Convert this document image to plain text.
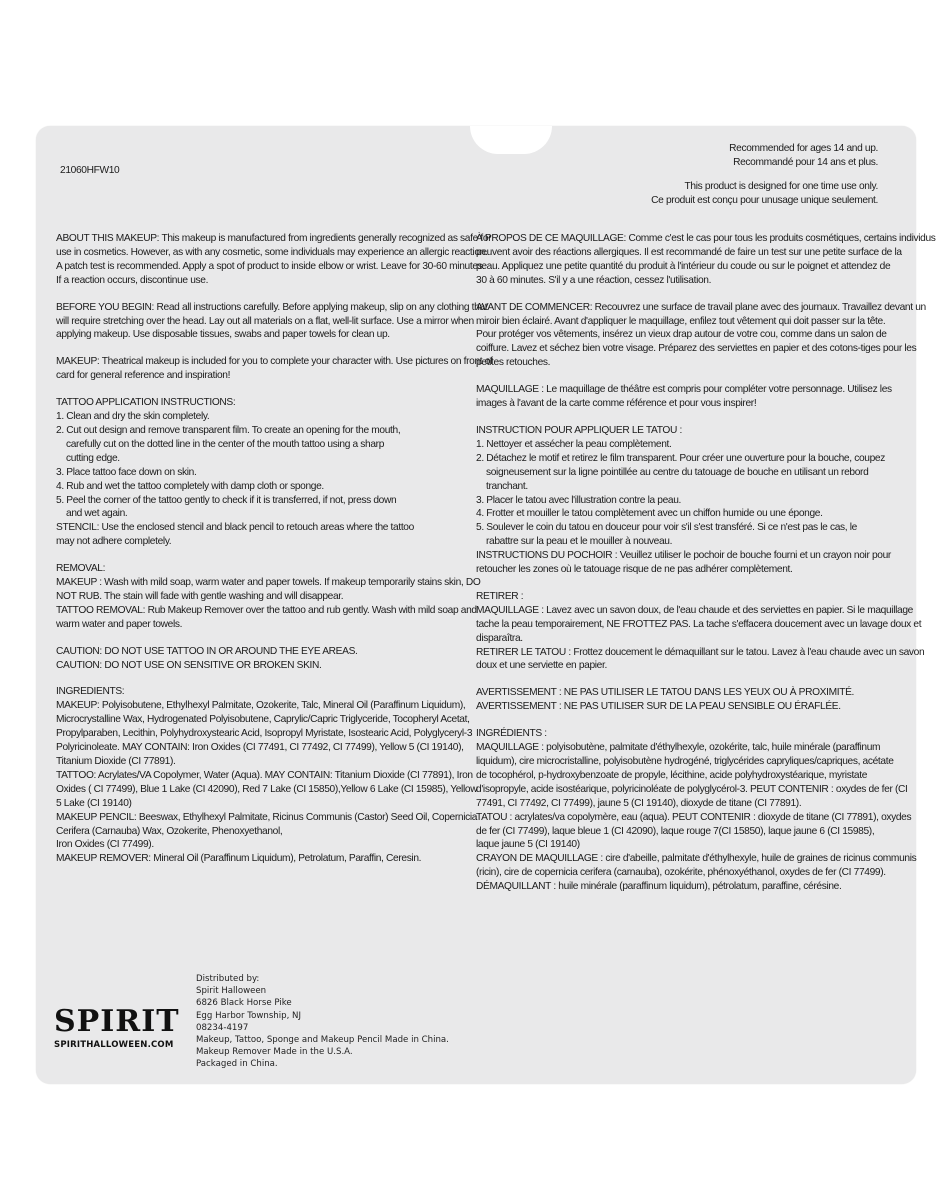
21060HFW10
Recommended for ages 14 and up.
Recommandé pour 14 ans et plus.
This product is designed for one time use only.
Ce produit est conçu pour unusage unique seulement.
ABOUT THIS MAKEUP: This makeup is manufactured from ingredients generally recognized as safe for
use in cosmetics. However, as with any cosmetic, some individuals may experience an allergic reaction.
A patch test is recommended. Apply a spot of product to inside elbow or wrist. Leave for 30-60 minutes.
If a reaction occurs, discontinue use.
BEFORE YOU BEGIN: Read all instructions carefully. Before applying makeup, slip on any clothing that
will require stretching over the head. Lay out all materials on a flat, well-lit surface. Use a mirror when
applying makeup. Use disposable tissues, swabs and paper towels for clean up.
MAKEUP: Theatrical makeup is included for you to complete your character with. Use pictures on front of
card for general reference and inspiration!
TATTOO APPLICATION INSTRUCTIONS:
1. Clean and dry the skin completely.
2. Cut out design and remove transparent film. To create an opening for the mouth,
carefully cut on the dotted line in the center of the mouth tattoo using a sharp
cutting edge.
3. Place tattoo face down on skin.
4. Rub and wet the tattoo completely with damp cloth or sponge.
5. Peel the corner of the tattoo gently to check if it is transferred, if not, press down
and wet again.
STENCIL: Use the enclosed stencil and black pencil to retouch areas where the tattoo
may not adhere completely.
REMOVAL:
MAKEUP : Wash with mild soap, warm water and paper towels. If makeup temporarily stains skin, DO
NOT RUB. The stain will fade with gentle washing and will disappear.
TATTOO REMOVAL: Rub Makeup Remover over the tattoo and rub gently. Wash with mild soap and
warm water and paper towels.
CAUTION: DO NOT USE TATTOO IN OR AROUND THE EYE AREAS.
CAUTION: DO NOT USE ON SENSITIVE OR BROKEN SKIN.
INGREDIENTS:
MAKEUP: Polyisobutene, Ethylhexyl Palmitate, Ozokerite, Talc, Mineral Oil (Paraffinum Liquidum),
Microcrystalline Wax, Hydrogenated Polyisobutene, Caprylic/Capric Triglyceride, Tocopheryl Acetat,
Propylparaben, Lecithin, Polyhydroxystearic Acid, Isopropyl Myristate, Isostearic Acid, Polyglyceryl-3
Polyricinoleate. MAY CONTAIN: Iron Oxides (CI 77491, CI 77492, CI 77499), Yellow 5 (CI 19140),
Titanium Dioxide (CI 77891).
TATTOO: Acrylates/VA Copolymer, Water (Aqua). MAY CONTAIN: Titanium Dioxide (CI 77891), Iron
Oxides ( CI 77499), Blue 1 Lake (CI 42090), Red 7 Lake (CI 15850),Yellow 6 Lake (CI 15985), Yellow
5 Lake (CI 19140)
MAKEUP PENCIL: Beeswax, Ethylhexyl Palmitate, Ricinus Communis (Castor) Seed Oil, Copernicia
Cerifera (Carnauba) Wax, Ozokerite, Phenoxyethanol,
Iron Oxides (CI 77499).
MAKEUP REMOVER: Mineral Oil (Paraffinum Liquidum), Petrolatum, Paraffin, Ceresin.
À PROPOS DE CE MAQUILLAGE: Comme c'est le cas pour tous les produits cosmétiques, certains individus
peuvent avoir des réactions allergiques. Il est recommandé de faire un test sur une petite surface de la
peau. Appliquez une petite quantité du produit à l'intérieur du coude ou sur le poignet et attendez de
30 à 60 minutes. S'il y a une réaction, cessez l'utilisation.
AVANT DE COMMENCER: Recouvrez une surface de travail plane avec des journaux. Travaillez devant un
miroir bien éclairé. Avant d'appliquer le maquillage, enfilez tout vêtement qui doit passer sur la tête.
Pour protéger vos vêtements, insérez un vieux drap autour de votre cou, comme dans un salon de
coiffure. Lavez et séchez bien votre visage. Préparez des serviettes en papier et des cotons-tiges pour les
petites retouches.
MAQUILLAGE : Le maquillage de théâtre est compris pour compléter votre personnage. Utilisez les
images à l'avant de la carte comme référence et pour vous inspirer!
INSTRUCTION POUR APPLIQUER LE TATOU :
1. Nettoyer et assécher la peau complètement.
2. Détachez le motif et retirez le film transparent. Pour créer une ouverture pour la bouche, coupez
soigneusement sur la ligne pointillée au centre du tatouage de bouche en utilisant un rebord
tranchant.
3. Placer le tatou avec l'illustration contre la peau.
4. Frotter et mouiller le tatou complètement avec un chiffon humide ou une éponge.
5. Soulever le coin du tatou en douceur pour voir s'il s'est transféré. Si ce n'est pas le cas, le
rabattre sur la peau et le mouiller à nouveau.
INSTRUCTIONS DU POCHOIR : Veuillez utiliser le pochoir de bouche fourni et un crayon noir pour
retoucher les zones où le tatouage risque de ne pas adhérer complètement.
RETIRER :
MAQUILLAGE : Lavez avec un savon doux, de l'eau chaude et des serviettes en papier. Si le maquillage
tache la peau temporairement, NE FROTTEZ PAS. La tache s'effacera doucement avec un lavage doux et
disparaîtra.
RETIRER LE TATOU : Frottez doucement le démaquillant sur le tatou. Lavez à l'eau chaude avec un savon
doux et une serviette en papier.
AVERTISSEMENT : NE PAS UTILISER LE TATOU DANS LES YEUX OU À PROXIMITÉ.
AVERTISSEMENT : NE PAS UTILISER SUR DE LA PEAU SENSIBLE OU ÉRAFLÉE.
INGRÉDIENTS :
MAQUILLAGE : polyisobutène, palmitate d'éthylhexyle, ozokérite, talc, huile minérale (paraffinum
liquidum), cire microcristalline, polyisobutène hydrogéné, triglycérides capryliques/capriques, acétate
de tocophérol, p-hydroxybenzoate de propyle, lécithine, acide polyhydroxystéarique, myristate
d'isopropyle, acide isostéarique, polyricinoléate de polyglycérol-3. PEUT CONTENIR : oxydes de fer (CI
77491, CI 77492, CI 77499), jaune 5 (CI 19140), dioxyde de titane (CI 77891).
TATOU : acrylates/va copolymère, eau (aqua). PEUT CONTENIR : dioxyde de titane (CI 77891), oxydes
de fer (CI 77499), laque bleue 1 (CI 42090), laque rouge 7(CI 15850), laque jaune 6 (CI 15985),
laque jaune 5 (CI 19140)
CRAYON DE MAQUILLAGE : cire d'abeille, palmitate d'éthylhexyle, huile de graines de ricinus communis
(ricin), cire de copernicia cerifera (carnauba), ozokérite, phénoxyéthanol, oxydes de fer (CI 77499).
DÉMAQUILLANT : huile minérale (paraffinum liquidum), pétrolatum, paraffine, cérésine.
SPIRIT
SPIRITHALLOWEEN.COM
Distributed by:
Spirit Halloween
6826 Black Horse Pike
Egg Harbor Township, NJ
08234-4197
Makeup, Tattoo, Sponge and Makeup Pencil Made in China.
Makeup Remover Made in the U.S.A.
Packaged in China.
